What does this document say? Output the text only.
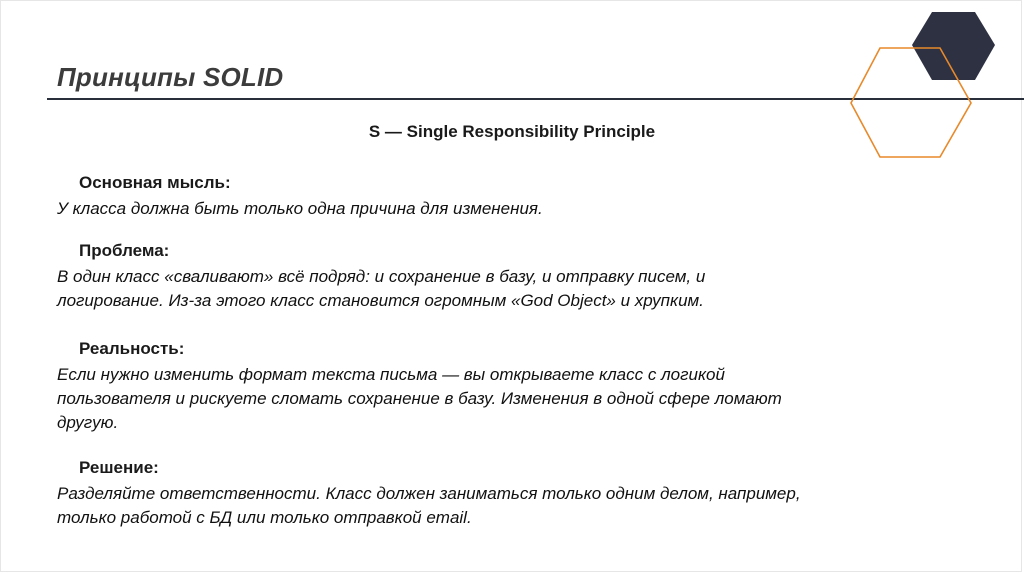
Принципы SOLID
S — Single Responsibility Principle

Основная мысль:

У класса должна быть только одна причина для изменения.

Проблема:

В один класс «сваливают» всё подряд: и сохранение в базу, и отправку писем, и
логирование. Из-за этого класс становится огромным «God Object» и хрупким.

Реальность:

Если нужно изменить формат текста письма — вы открываете класс с логикой
пользователя и рискуете сломать сохранение в базу. Изменения в одной сфере ломают
другую.

Решение:

Разделяйте ответственности. Класс должен заниматься только одним делом, например,
только работой с БД или только отправкой email.
